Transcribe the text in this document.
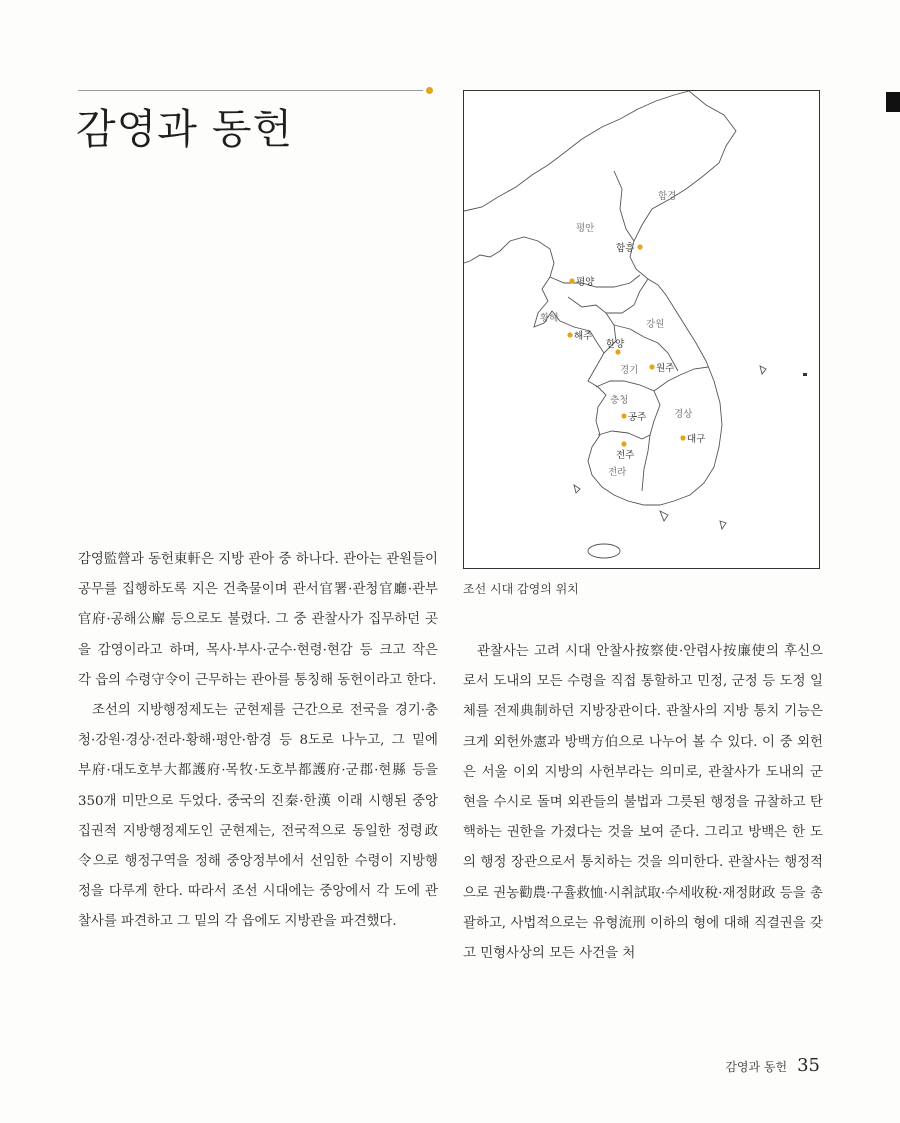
감영과 동헌
함경
평안
황해
강원
경기
충청
경상
전라
함흥
평양
해주
한양
원주
공주
대구
전주

조선 시대 감영의 위치

감영監營과 동헌東軒은 지방 관아 중 하나다. 관아는 관원들이 공무를 집행하도록 지은 건축물이며 관서官署·관청官廳·관부官府·공해公廨 등으로도 불렸다. 그 중 관찰사가 집무하던 곳을 감영이라고 하며, 목사·부사·군수·현령·현감 등 크고 작은 각 읍의 수령守令이 근무하는 관아를 통칭해 동헌이라고 한다.

조선의 지방행정제도는 군현제를 근간으로 전국을 경기·충청·강원·경상·전라·황해·평안·함경 등 8도로 나누고, 그 밑에 부府·대도호부大都護府·목牧·도호부都護府·군郡·현縣 등을 350개 미만으로 두었다. 중국의 진秦·한漢 이래 시행된 중앙집권적 지방행정제도인 군현제는, 전국적으로 동일한 정령政令으로 행정구역을 정해 중앙정부에서 선임한 수령이 지방행정을 다루게 한다. 따라서 조선 시대에는 중앙에서 각 도에 관찰사를 파견하고 그 밑의 각 읍에도 지방관을 파견했다.

관찰사는 고려 시대 안찰사按察使·안렴사按廉使의 후신으로서 도내의 모든 수령을 직접 통할하고 민정, 군정 등 도정 일체를 전제典制하던 지방장관이다. 관찰사의 지방 통치 기능은 크게 외헌外憲과 방백方伯으로 나누어 볼 수 있다. 이 중 외헌은 서울 이외 지방의 사헌부라는 의미로, 관찰사가 도내의 군현을 수시로 돌며 외관들의 불법과 그릇된 행정을 규찰하고 탄핵하는 권한을 가졌다는 것을 보여 준다. 그리고 방백은 한 도의 행정 장관으로서 통치하는 것을 의미한다. 관찰사는 행정적으로 권농勸農·구휼救恤·시취試取·수세收稅·재정財政 등을 총괄하고, 사법적으로는 유형流刑 이하의 형에 대해 직결권을 갖고 민형사상의 모든 사건을 처

감영과 동헌 35
